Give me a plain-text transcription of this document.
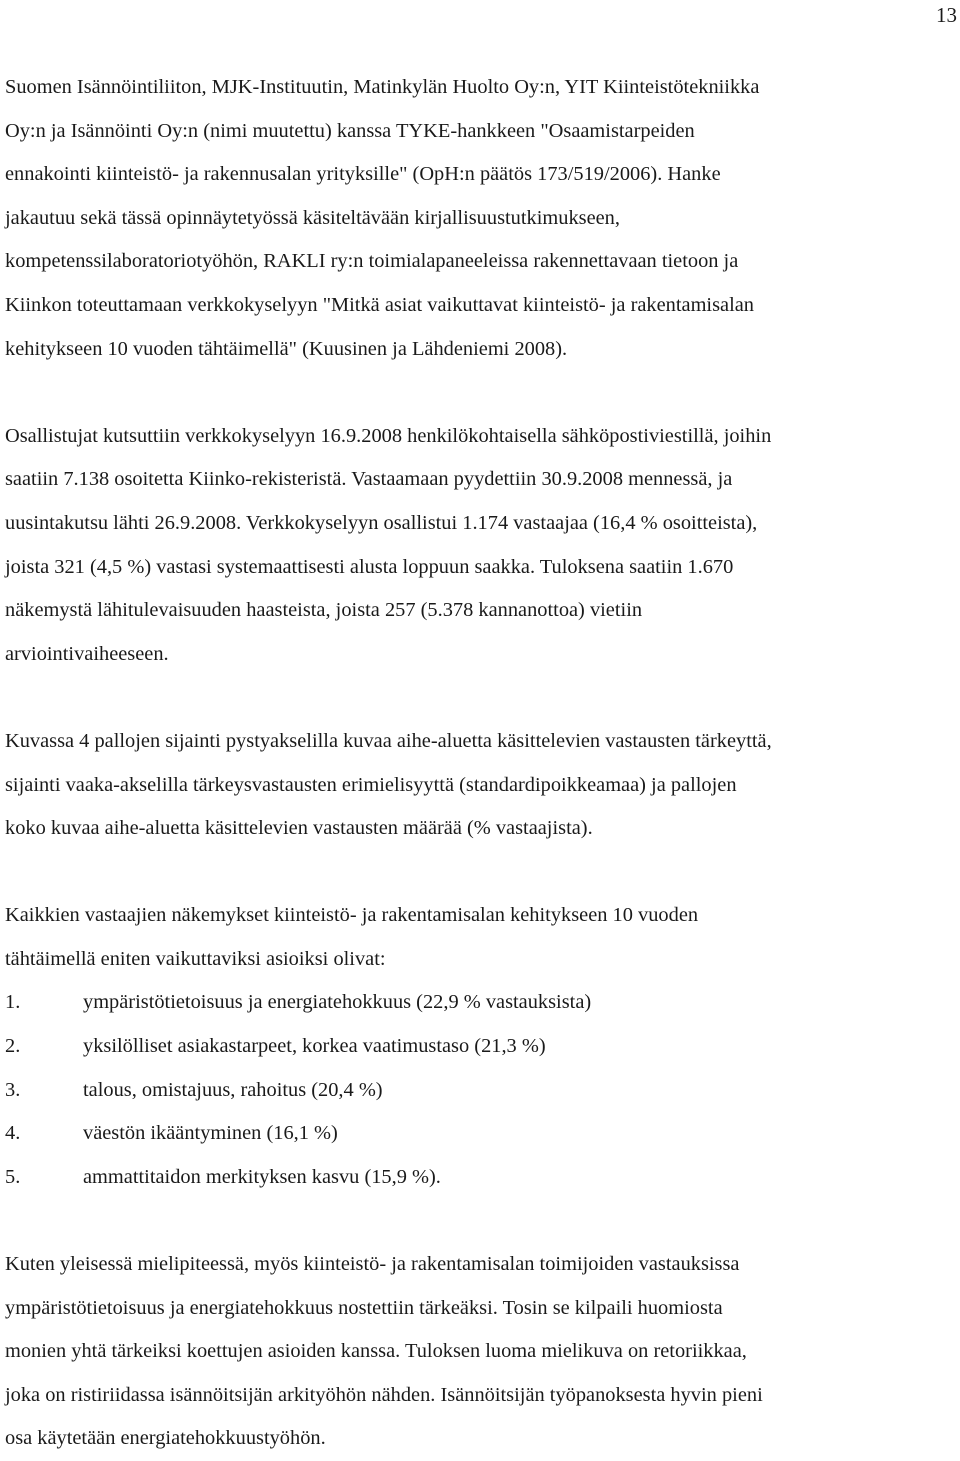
13

Suomen Isännöintiliiton, MJK-Instituutin, Matinkylän Huolto Oy:n, YIT Kiinteistötekniikka
Oy:n ja Isännöinti Oy:n (nimi muutettu) kanssa TYKE-hankkeen "Osaamistarpeiden
ennakointi kiinteistö- ja rakennusalan yrityksille" (OpH:n päätös 173/519/2006). Hanke
jakautuu sekä tässä opinnäytetyössä käsiteltävään kirjallisuustutkimukseen,
kompetenssilaboratoriotyöhön, RAKLI ry:n toimialapaneeleissa rakennettavaan tietoon ja
Kiinkon toteuttamaan verkkokyselyyn "Mitkä asiat vaikuttavat kiinteistö- ja rakentamisalan
kehitykseen 10 vuoden tähtäimellä" (Kuusinen ja Lähdeniemi 2008).

Osallistujat kutsuttiin verkkokyselyyn 16.9.2008 henkilökohtaisella sähköpostiviestillä, joihin
saatiin 7.138 osoitetta Kiinko-rekisteristä. Vastaamaan pyydettiin 30.9.2008 mennessä, ja
uusintakutsu lähti 26.9.2008. Verkkokyselyyn osallistui 1.174 vastaajaa (16,4 % osoitteista),
joista 321 (4,5 %) vastasi systemaattisesti alusta loppuun saakka. Tuloksena saatiin 1.670
näkemystä lähitulevaisuuden haasteista, joista 257 (5.378 kannanottoa) vietiin
arviointivaiheeseen.

Kuvassa 4 pallojen sijainti pystyakselilla kuvaa aihe-aluetta käsittelevien vastausten tärkeyttä,
sijainti vaaka-akselilla tärkeysvastausten erimielisyyttä (standardipoikkeamaa) ja pallojen
koko kuvaa aihe-aluetta käsittelevien vastausten määrää (% vastaajista).

Kaikkien vastaajien näkemykset kiinteistö- ja rakentamisalan kehitykseen 10 vuoden
tähtäimellä eniten vaikuttaviksi asioiksi olivat:

1.	ympäristötietoisuus ja energiatehokkuus (22,9 % vastauksista)
2.	yksilölliset asiakastarpeet, korkea vaatimustaso (21,3 %)
3.	talous, omistajuus, rahoitus (20,4 %)
4.	väestön ikääntyminen (16,1 %)
5.	ammattitaidon merkityksen kasvu (15,9 %).

Kuten yleisessä mielipiteessä, myös kiinteistö- ja rakentamisalan toimijoiden vastauksissa
ympäristötietoisuus ja energiatehokkuus nostettiin tärkeäksi. Tosin se kilpaili huomiosta
monien yhtä tärkeiksi koettujen asioiden kanssa. Tuloksen luoma mielikuva on retoriikkaa,
joka on ristiriidassa isännöitsijän arkityöhön nähden. Isännöitsijän työpanoksesta hyvin pieni
osa käytetään energiatehokkuustyöhön.
